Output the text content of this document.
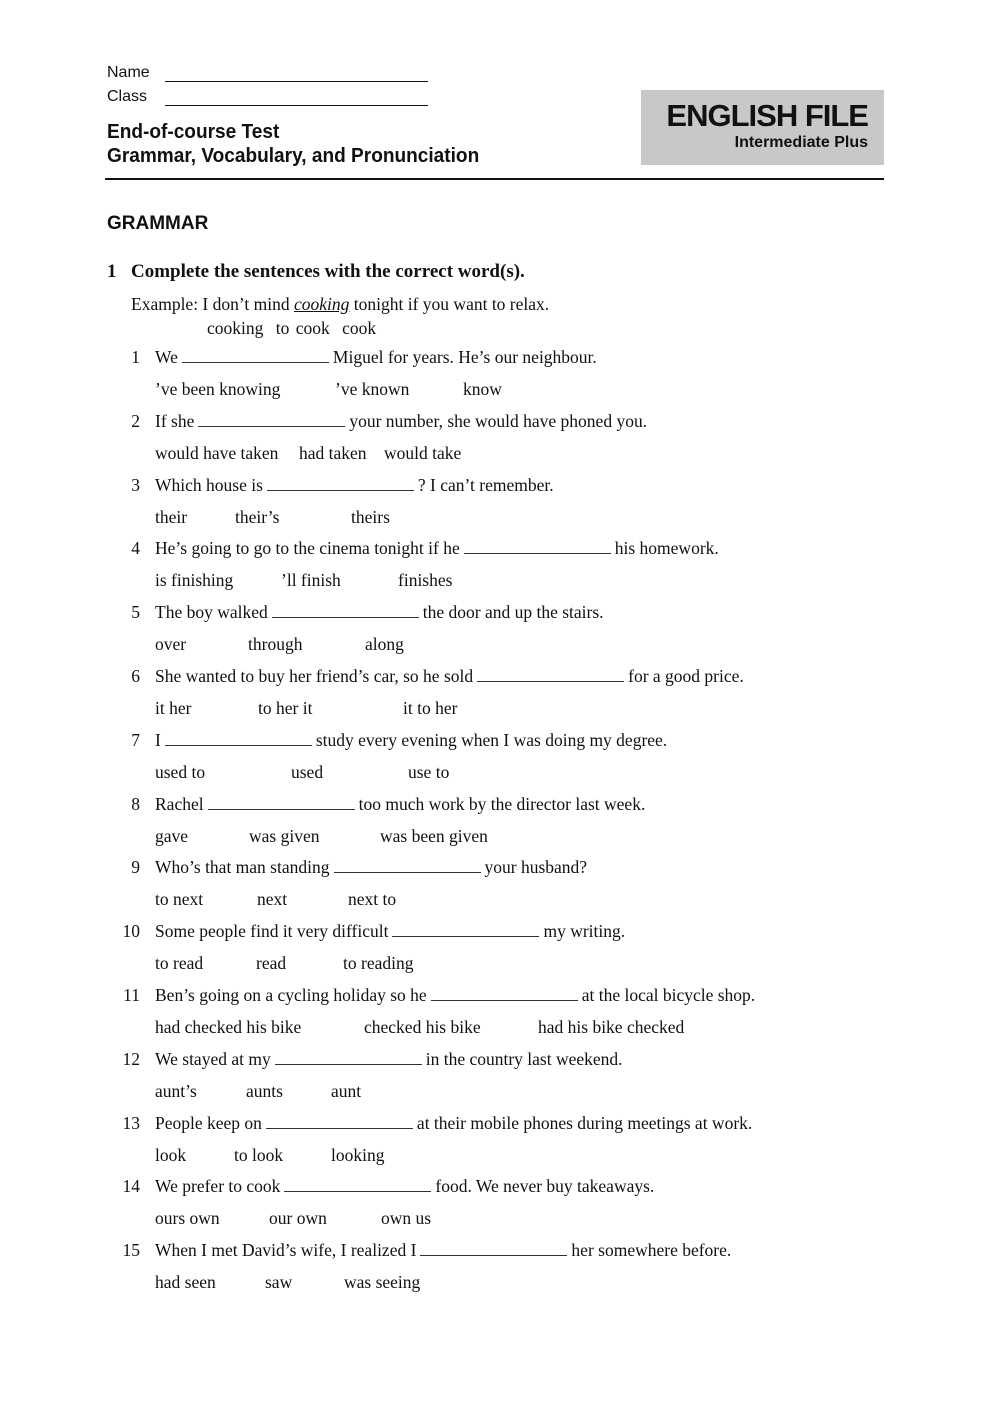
Name
Class
End-of-course Test
Grammar, Vocabulary, and Pronunciation
ENGLISH FILE
Intermediate Plus
GRAMMAR
1 Complete the sentences with the correct word(s).
Example: I don’t mind cooking tonight if you want to relax.
cooking to cook cook
1 We	Miguel for years. He’s our neighbour.
’ve been knowing	’ve known	know
2 If she	your number, she would have phoned you.
would have taken had taken would take
3 Which house is	? I can’t remember.
their	their’s	theirs
4 He’s going to go to the cinema tonight if he	his homework.
is finishing	’ll finish	finishes
5 The boy walked	the door and up the stairs.
over	through	along
6 She wanted to buy her friend’s car, so he sold	for a good price.
it her	to her it	it to her
7 I	study every evening when I was doing my degree.
used to	used	use to
8 Rachel	too much work by the director last week.
gave	was given	was been given
9 Who’s that man standing	your husband?
to next	next	next to
10 Some people find it very difficult	my writing.
to read	read	to reading
11 Ben’s going on a cycling holiday so he	at the local bicycle shop.
had checked his bike	checked his bike	had his bike checked
12 We stayed at my	in the country last weekend.
aunt’s	aunts	aunt
13 People keep on	at their mobile phones during meetings at work.
look	to look	looking
14 We prefer to cook	food. We never buy takeaways.
ours own	our own	own us
15 When I met David’s wife, I realized I	her somewhere before.
had seen	saw	was seeing
